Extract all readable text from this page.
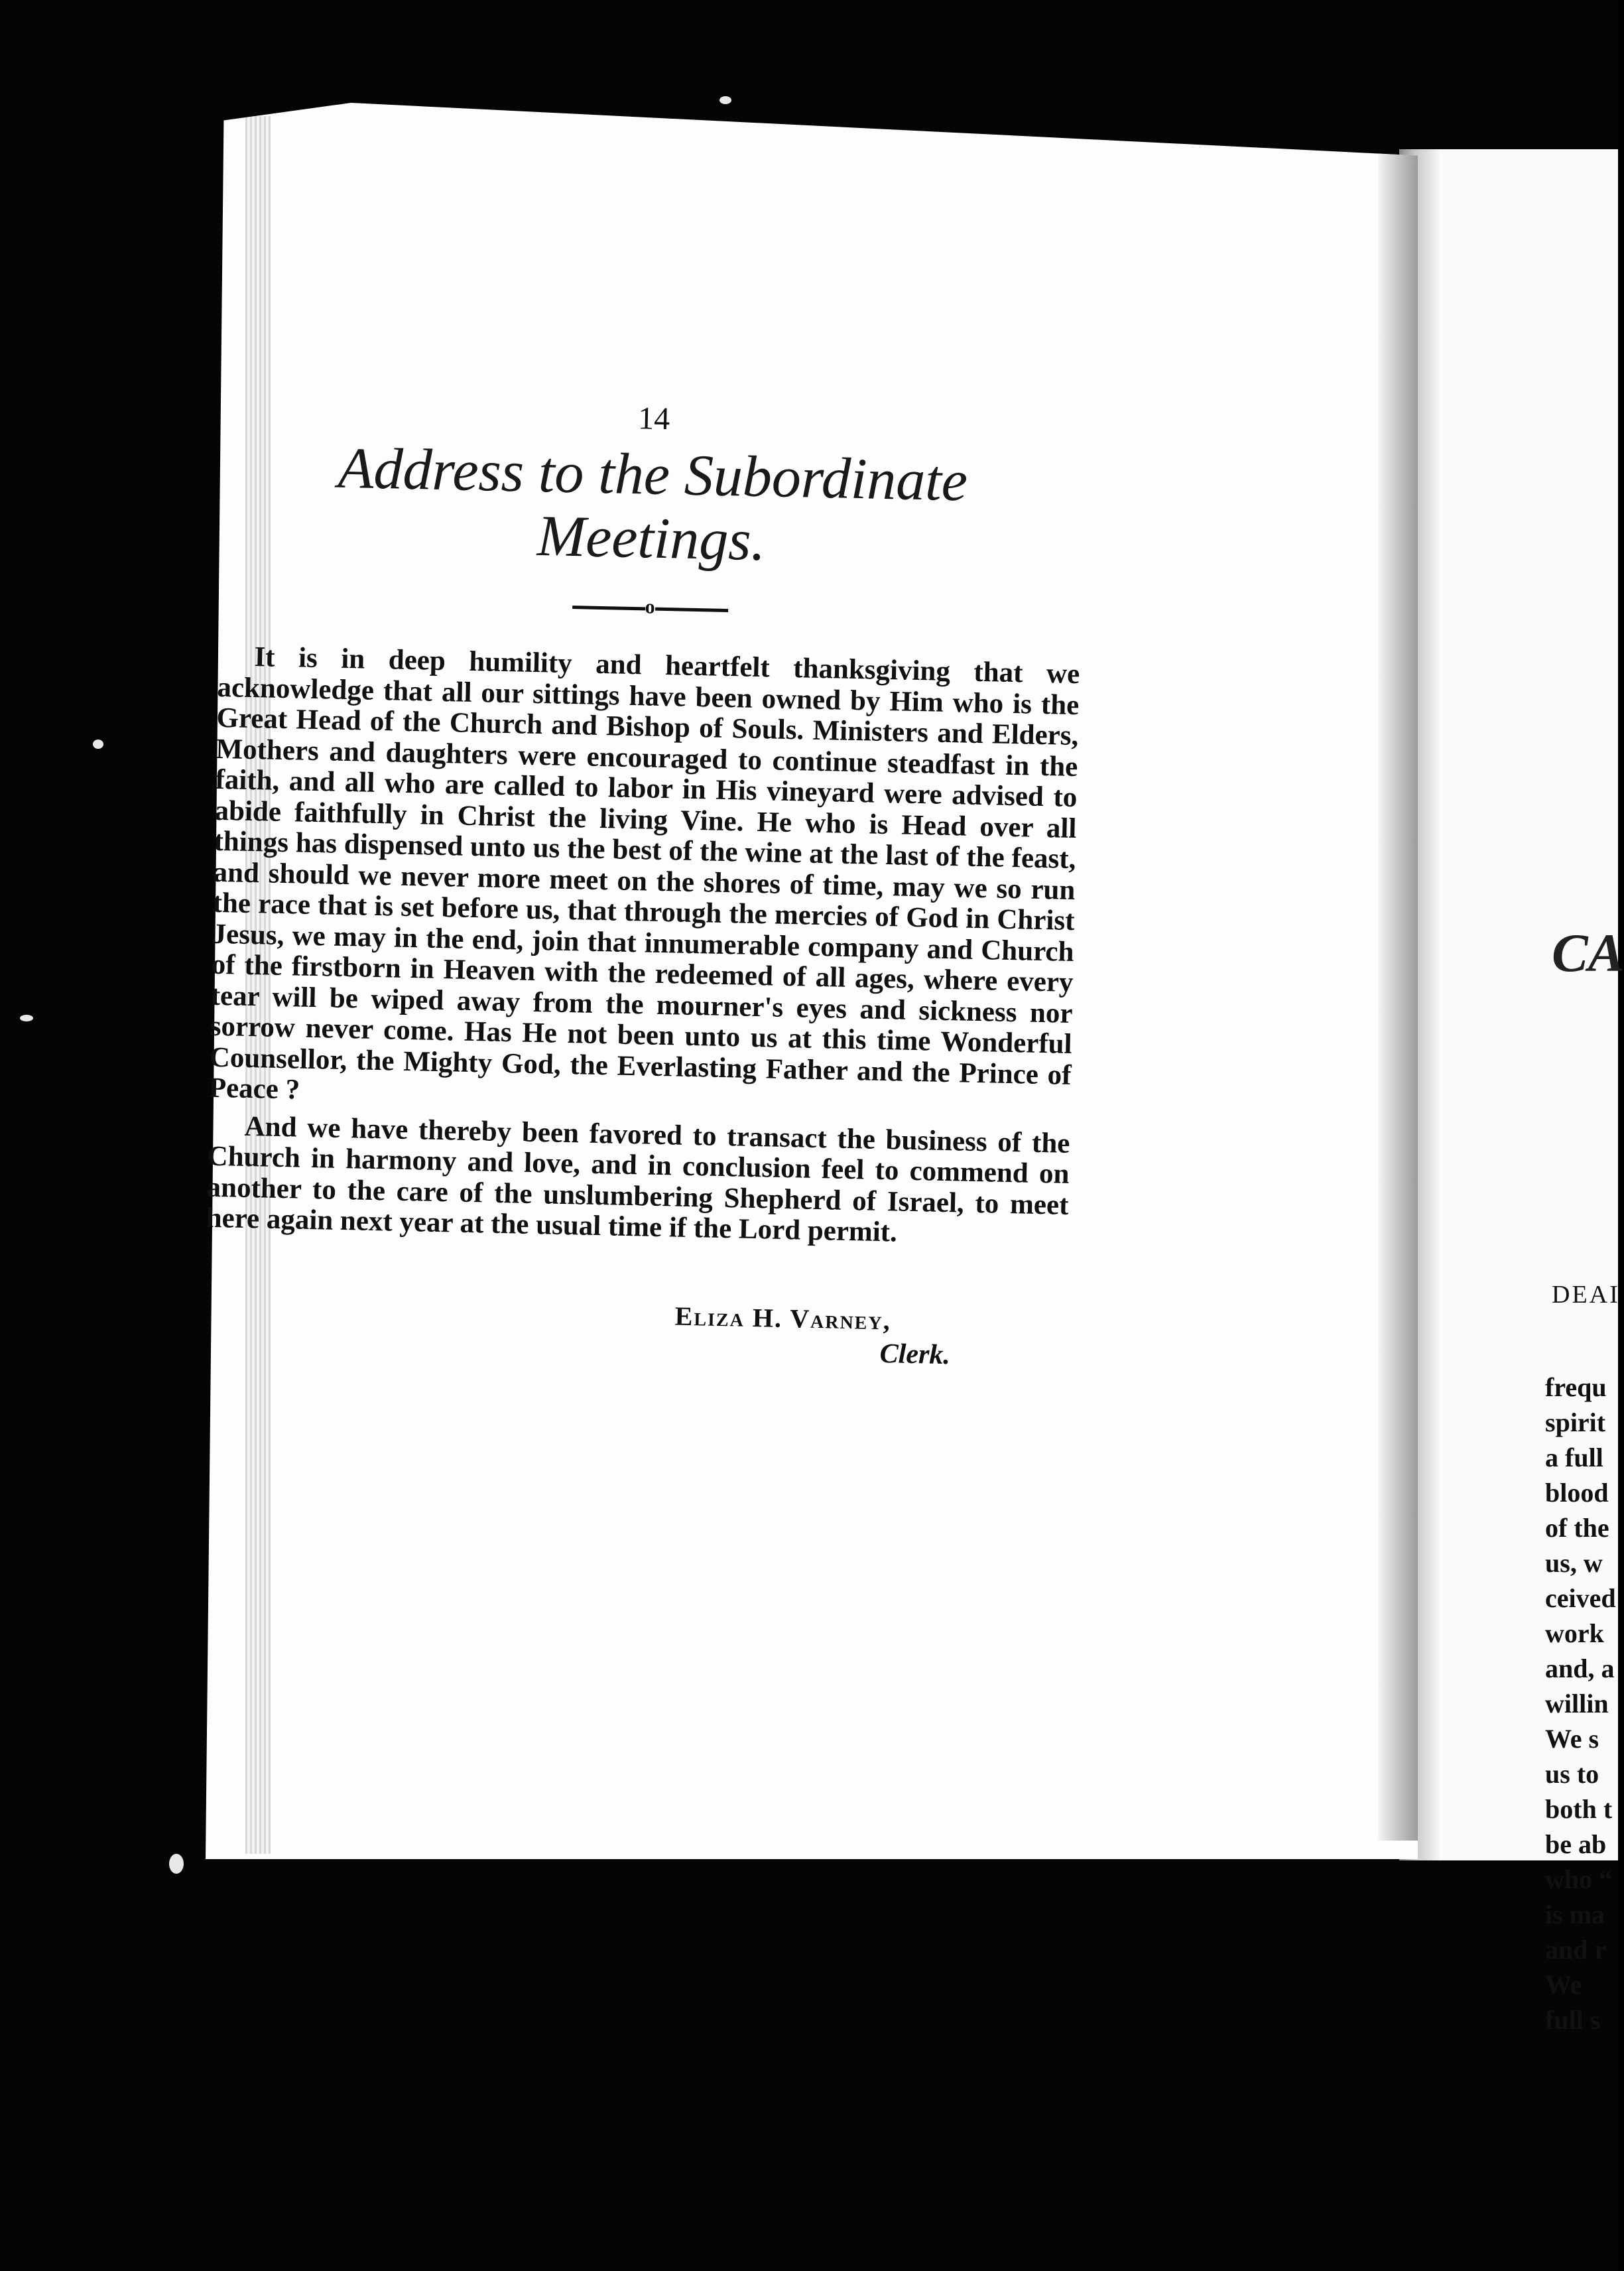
CA
DEAI
frequ
spirit
a full
blood
of the
us, w
ceived
work
and, a
willin
We s
us to
both t
be ab
who “
is ma
and r
We
full s
14
Address to the Subordinate Meetings.
o

It is in deep humility and heartfelt thanksgiving that we acknowledge that all our sittings have been owned by Him who is the Great Head of the Church and Bishop of Souls. Ministers and Elders, Mothers and daughters were encouraged to continue steadfast in the faith, and all who are called to labor in His vineyard were advised to abide faithfully in Christ the living Vine. He who is Head over all things has dispensed unto us the best of the wine at the last of the feast, and should we never more meet on the shores of time, may we so run the race that is set before us, that through the mercies of God in Christ Jesus, we may in the end, join that innumerable company and Church of the firstborn in Heaven with the redeemed of all ages, where every tear will be wiped away from the mourner's eyes and sickness nor sorrow never come. Has He not been unto us at this time Wonderful Counsellor, the Mighty God, the Everlasting Father and the Prince of Peace ?

And we have thereby been favored to transact the business of the Church in harmony and love, and in conclusion feel to commend on another to the care of the unslumbering Shepherd of Israel, to meet here again next year at the usual time if the Lord permit.

Eliza H. Varney,
Clerk.
